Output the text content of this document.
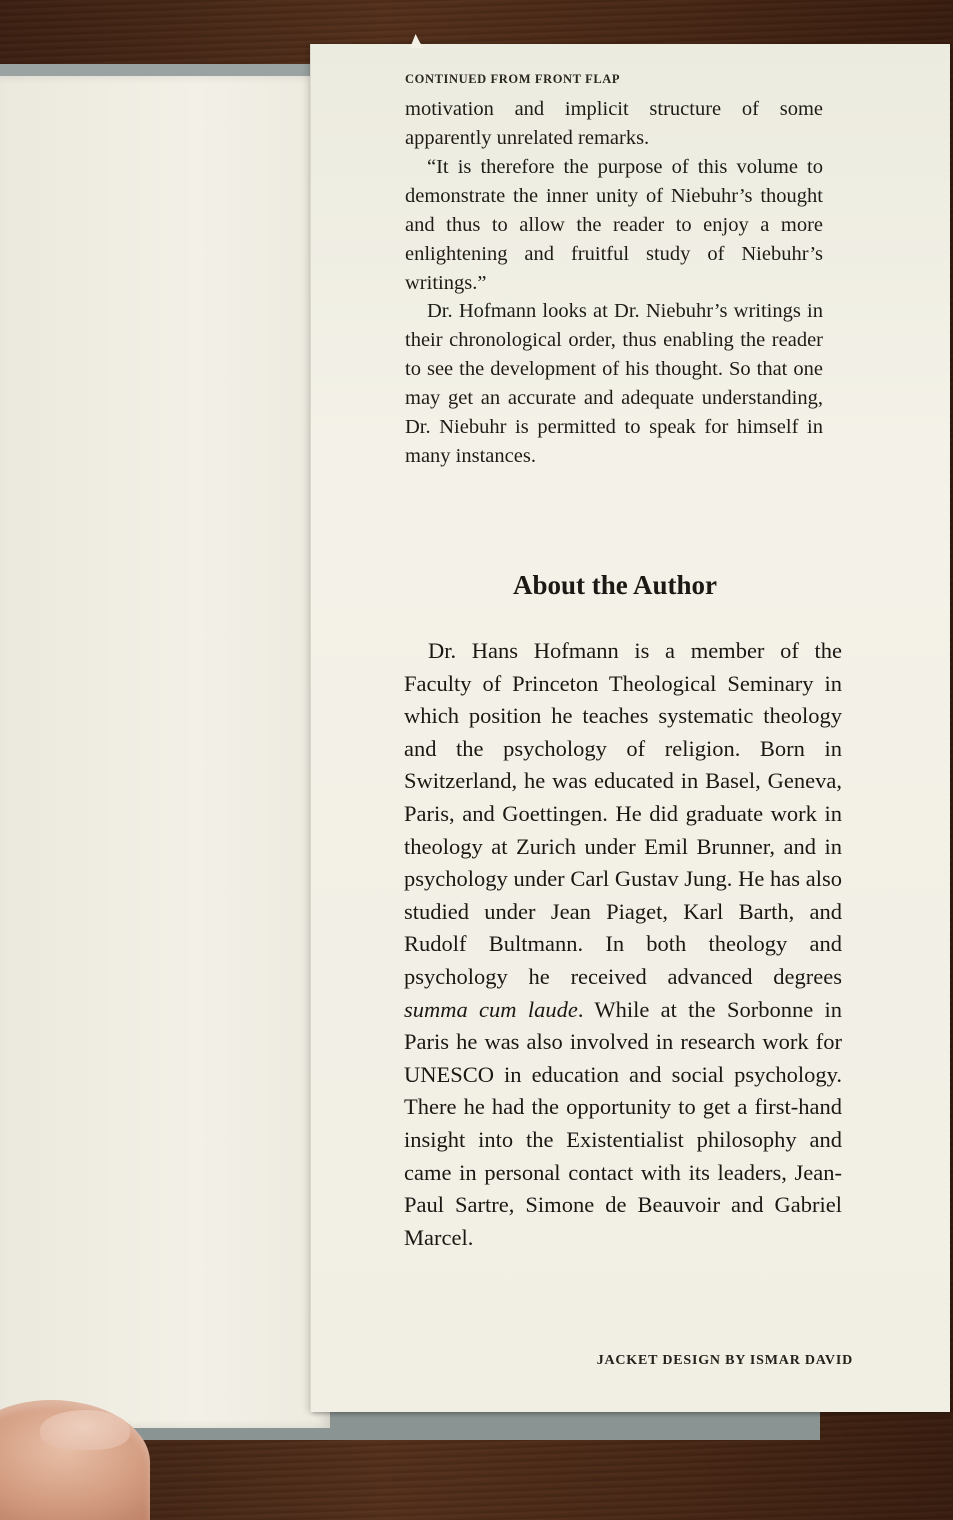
CONTINUED FROM FRONT FLAP

motivation and implicit structure of some apparently unrelated remarks.

“It is therefore the purpose of this volume to demonstrate the inner unity of Niebuhr’s thought and thus to allow the reader to enjoy a more enlightening and fruitful study of Niebuhr’s writings.”

Dr. Hofmann looks at Dr. Niebuhr’s writings in their chronological order, thus enabling the reader to see the development of his thought. So that one may get an accurate and adequate understanding, Dr. Niebuhr is permitted to speak for himself in many instances.

About the Author

Dr. Hans Hofmann is a member of the Faculty of Princeton Theological Seminary in which position he teaches systematic theology and the psychology of religion. Born in Switzerland, he was educated in Basel, Geneva, Paris, and Goettingen. He did graduate work in theology at Zurich under Emil Brunner, and in psychology under Carl Gustav Jung. He has also studied under Jean Piaget, Karl Barth, and Rudolf Bultmann. In both theology and psychology he received advanced degrees summa cum laude. While at the Sorbonne in Paris he was also involved in research work for UNESCO in education and social psychology. There he had the opportunity to get a first-hand insight into the Existentialist philosophy and came in personal contact with its leaders, Jean-Paul Sartre, Simone de Beauvoir and Gabriel Marcel.

JACKET DESIGN BY ISMAR DAVID
